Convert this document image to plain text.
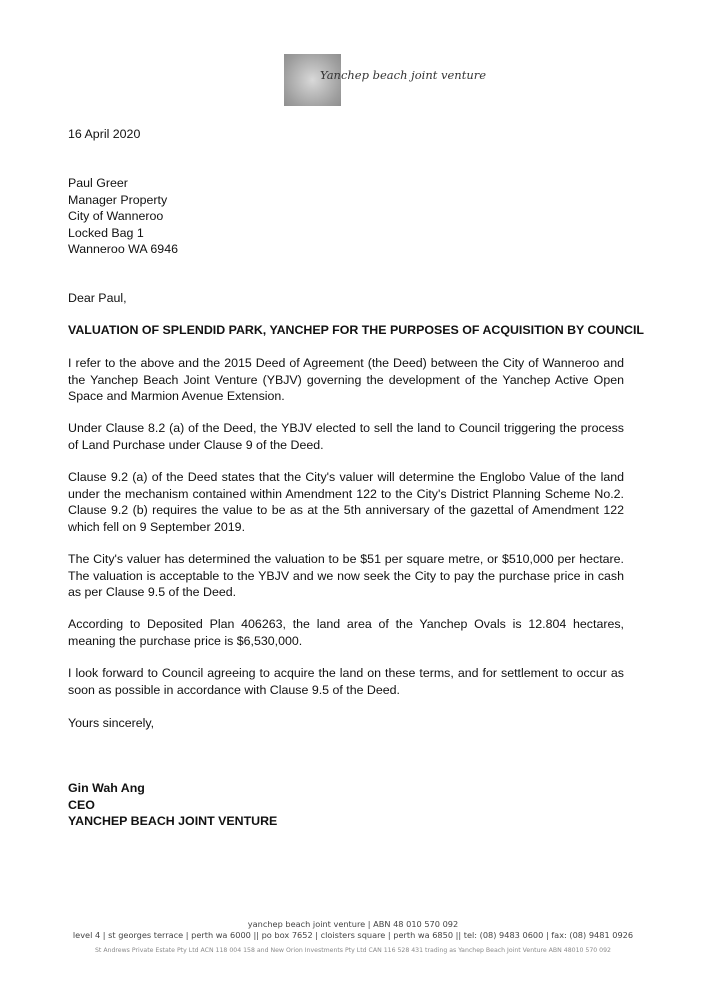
Yanchep beach joint venture
16 April 2020
Paul Greer
Manager Property
City of Wanneroo
Locked Bag 1
Wanneroo WA 6946
Dear Paul,
VALUATION OF SPLENDID PARK, YANCHEP FOR THE PURPOSES OF ACQUISITION BY COUNCIL
I refer to the above and the 2015 Deed of Agreement (the Deed) between the City of Wanneroo and the Yanchep Beach Joint Venture (YBJV) governing the development of the Yanchep Active Open Space and Marmion Avenue Extension.
Under Clause 8.2 (a) of the Deed, the YBJV elected to sell the land to Council triggering the process of Land Purchase under Clause 9 of the Deed.
Clause 9.2 (a) of the Deed states that the City's valuer will determine the Englobo Value of the land under the mechanism contained within Amendment 122 to the City's District Planning Scheme No.2. Clause 9.2 (b) requires the value to be as at the 5th anniversary of the gazettal of Amendment 122 which fell on 9 September 2019.
The City's valuer has determined the valuation to be $51 per square metre, or $510,000 per hectare. The valuation is acceptable to the YBJV and we now seek the City to pay the purchase price in cash as per Clause 9.5 of the Deed.
According to Deposited Plan 406263, the land area of the Yanchep Ovals is 12.804 hectares, meaning the purchase price is $6,530,000.
I look forward to Council agreeing to acquire the land on these terms, and for settlement to occur as soon as possible in accordance with Clause 9.5 of the Deed.
Yours sincerely,
Gin Wah Ang
CEO
YANCHEP BEACH JOINT VENTURE
yanchep beach joint venture | ABN 48 010 570 092
level 4 | st georges terrace | perth wa 6000 || po box 7652 | cloisters square | perth wa 6850 || tel: (08) 9483 0600 | fax: (08) 9481 0926
St Andrews Private Estate Pty Ltd ACN 118 004 158 and New Orion Investments Pty Ltd CAN 116 528 431 trading as Yanchep Beach Joint Venture ABN 48010 570 092
